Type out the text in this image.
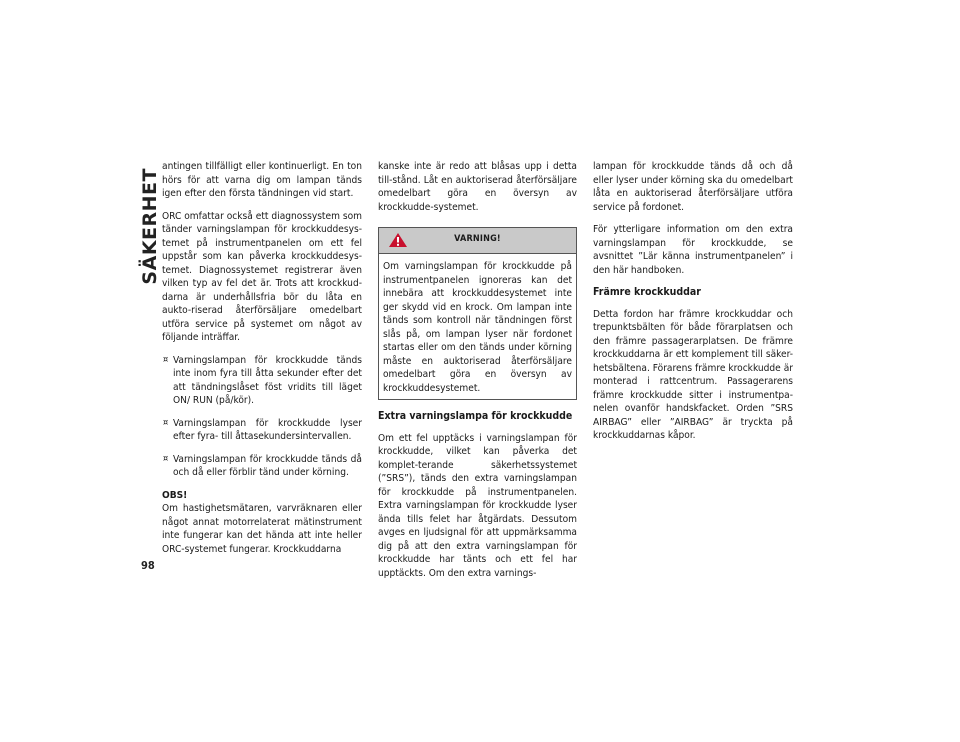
SÄKERHET
98

antingen tillfälligt eller kontinuerligt. En ton hörs för att varna dig om lampan tänds igen efter den första tändningen vid start.

ORC omfattar också ett diagnossystem som tänder varningslampan för krockkuddesys-temet på instrumentpanelen om ett fel uppstår som kan påverka krockkuddesys-temet. Diagnossystemet registrerar även vilken typ av fel det är. Trots att krockkud-darna är underhållsfria bör du låta en aukto-riserad återförsäljare omedelbart utföra service på systemet om något av följande inträffar.

¤ Varningslampan för krockkudde tänds inte inom fyra till åtta sekunder efter det att tändningslåset föst vridits till läget ON/ RUN (på/kör).
¤ Varningslampan för krockkudde lyser efter fyra- till åttasekundersintervallen.
¤ Varningslampan för krockkudde tänds då och då eller förblir tänd under körning.
OBS!

Om hastighetsmätaren, varvräknaren eller något annat motorrelaterat mätinstrument inte fungerar kan det hända att inte heller ORC-systemet fungerar. Krockkuddarna

kanske inte är redo att blåsas upp i detta till-stånd. Låt en auktoriserad återförsäljare omedelbart göra en översyn av krockkudde-systemet.

VARNING!

Om varningslampan för krockkudde på instrumentpanelen ignoreras kan det innebära att krockkuddesystemet inte ger skydd vid en krock. Om lampan inte tänds som kontroll när tändningen först slås på, om lampan lyser när fordonet startas eller om den tänds under körning måste en auktoriserad återförsäljare omedelbart göra en översyn av krockkuddesystemet.

Extra varningslampa för krockkudde

Om ett fel upptäcks i varningslampan för krockkudde, vilket kan påverka det komplet-terande säkerhetssystemet (”SRS”), tänds den extra varningslampan för krockkudde på instrumentpanelen. Extra varningslampan för krockkudde lyser ända tills felet har åtgärdats. Dessutom avges en ljudsignal för att uppmärksamma dig på att den extra varningslampan för krockkudde har tänts och ett fel har upptäckts. Om den extra varnings-

lampan för krockkudde tänds då och då eller lyser under körning ska du omedelbart låta en auktoriserad återförsäljare utföra service på fordonet.

För ytterligare information om den extra varningslampan för krockkudde, se avsnittet ”Lär känna instrumentpanelen” i den här handboken.

Främre krockkuddar

Detta fordon har främre krockkuddar och trepunktsbälten för både förarplatsen och den främre passagerarplatsen. De främre krockkuddarna är ett komplement till säker-hetsbältena. Förarens främre krockkudde är monterad i rattcentrum. Passagerarens främre krockkudde sitter i instrumentpa-nelen ovanför handskfacket. Orden ”SRS AIRBAG” eller ”AIRBAG” är tryckta på krockkuddarnas kåpor.
